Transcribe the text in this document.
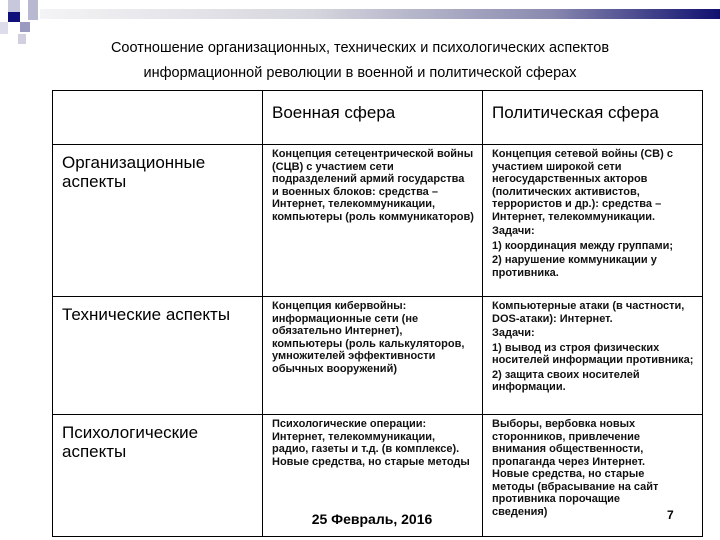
Соотношение организационных, технических и психологических аспектов
информационной революции в военной и политической сферах
	Военная сфера	Политическая сфера
Организационные аспекты	Концепция сетецентрической войны (СЦВ) с участием сети подразделений армий государства и военных блоков: средства – Интернет, телекоммуникации, компьютеры (роль коммуникаторов)	Концепция сетевой войны (СВ) с участием широкой сети негосударственных акторов (политических активистов, террористов и др.): средства – Интернет, телекоммуникации.

Задачи:

1) координация между группами;

2) нарушение коммуникации у противника.

Технические аспекты	Концепция кибервойны: информационные сети (не обязательно Интернет), компьютеры (роль калькуляторов, умножителей эффективности обычных вооружений)	Компьютерные атаки (в частности, DOS-атаки): Интернет.

Задачи:

1) вывод из строя физических носителей информации противника;

2) защита своих носителей информации.

Психологические аспекты	Психологические операции: Интернет, телекоммуникации, радио, газеты и т.д. (в комплексе). Новые средства, но старые методы	Выборы, вербовка новых сторонников, привлечение внимания общественности, пропаганда через Интернет. Новые средства, но старые методы (вбрасывание на сайт противника порочащие сведения)

25 Февраль, 2016	7
